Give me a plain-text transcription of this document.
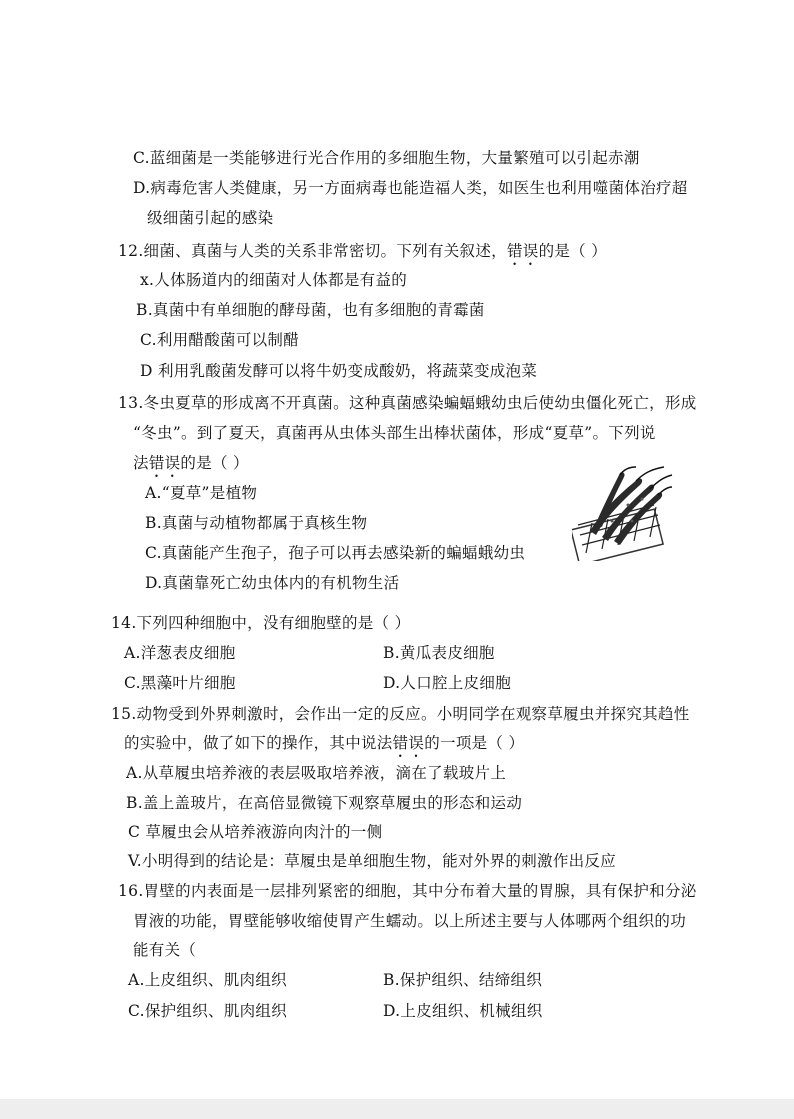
C.蓝细菌是一类能够进行光合作用的多细胞生物，大量繁殖可以引起赤潮
D.病毒危害人类健康，另一方面病毒也能造福人类，如医生也利用噬菌体治疗超
级细菌引起的感染
12.细菌、真菌与人类的关系非常密切。下列有关叙述，错误的是（ ）
x.人体肠道内的细菌对人体都是有益的
B.真菌中有单细胞的酵母菌，也有多细胞的青霉菌
C.利用醋酸菌可以制醋
D 利用乳酸菌发酵可以将牛奶变成酸奶，将蔬菜变成泡菜
13.冬虫夏草的形成离不开真菌。这种真菌感染蝙蝠蛾幼虫后使幼虫僵化死亡，形成
“冬虫”。到了夏天，真菌再从虫体头部生出棒状菌体，形成“夏草”。下列说
法错误的是（ ）
A.“夏草”是植物
B.真菌与动植物都属于真核生物
C.真菌能产生孢子，孢子可以再去感染新的蝙蝠蛾幼虫
D.真菌靠死亡幼虫体内的有机物生活
14.下列四种细胞中，没有细胞壁的是（ ）
A.洋葱表皮细胞	B.黄瓜表皮细胞
C.黑藻叶片细胞	D.人口腔上皮细胞
15.动物受到外界刺激时，会作出一定的反应。小明同学在观察草履虫并探究其趋性
的实验中，做了如下的操作，其中说法错误的一项是（ ）
A.从草履虫培养液的表层吸取培养液，滴在了载玻片上
B.盖上盖玻片，在高倍显微镜下观察草履虫的形态和运动
C 草履虫会从培养液游向肉汁的一侧
V.小明得到的结论是：草履虫是单细胞生物，能对外界的刺激作出反应
16.胃壁的内表面是一层排列紧密的细胞，其中分布着大量的胃腺，具有保护和分泌
胃液的功能，胃壁能够收缩使胃产生蠕动。以上所述主要与人体哪两个组织的功
能有关（
A.上皮组织、肌肉组织	B.保护组织、结缔组织
C.保护组织、肌肉组织	D.上皮组织、机械组织
